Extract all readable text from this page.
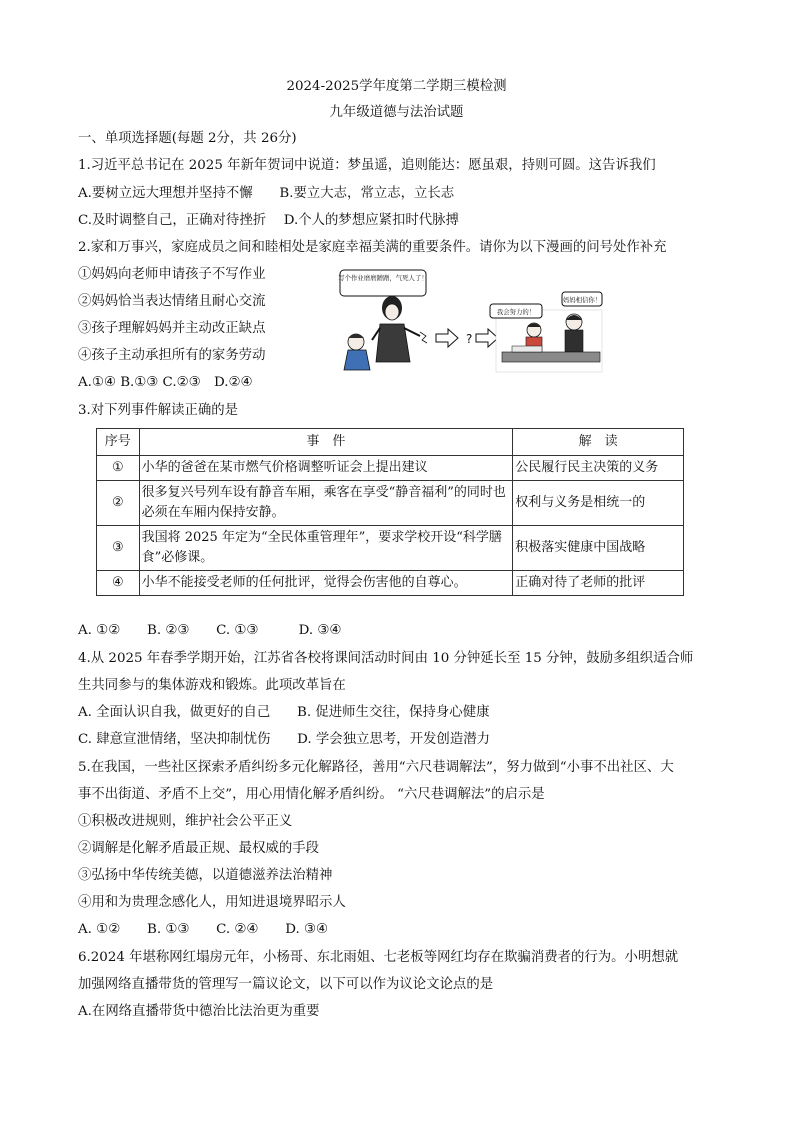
2024-2025学年度第二学期三模检测
九年级道德与法治试题
一、单项选择题(每题 2分，共 26分)
1.习近平总书记在 2025 年新年贺词中说道：梦虽遥，追则能达：愿虽艰，持则可圆。这告诉我们
A.要树立远大理想并坚持不懈　　B.要立大志，常立志，立长志
C.及时调整自己，正确对待挫折　 D.个人的梦想应紧扣时代脉搏
2.家和万事兴，家庭成员之间和睦相处是家庭幸福美满的重要条件。请你为以下漫画的问号处作补充
①妈妈向老师申请孩子不写作业
②妈妈恰当表达情绪且耐心交流
③孩子理解妈妈并主动改正缺点
④孩子主动承担所有的家务劳动
A.①④ B.①③ C.②③　D.②④
写个作业磨磨蹭蹭，气死人了！
?
我会努力的！
妈妈相信你！
3.对下列事件解读正确的是
序号	事　件	解　读
①	小华的爸爸在某市燃气价格调整听证会上提出建议	公民履行民主决策的义务
②	很多复兴号列车设有静音车厢，乘客在享受“静音福利”的同时也必须在车厢内保持安静。	权利与义务是相统一的
③	我国将 2025 年定为“全民体重管理年”，要求学校开设“科学膳食”必修课。	积极落实健康中国战略
④	小华不能接受老师的任何批评，觉得会伤害他的自尊心。	正确对待了老师的批评
A. ①②　　B. ②③　　C. ①③　　　D. ③④
4.从 2025 年春季学期开始，江苏省各校将课间活动时间由 10 分钟延长至 15 分钟，鼓励多组织适合师
生共同参与的集体游戏和锻炼。此项改革旨在
A. 全面认识自我，做更好的自己　　B. 促进师生交往，保持身心健康
C. 肆意宣泄情绪，坚决抑制忧伤　　D. 学会独立思考，开发创造潜力
5.在我国，一些社区探索矛盾纠纷多元化解路径，善用“六尺巷调解法”，努力做到“小事不出社区、大
事不出街道、矛盾不上交”，用心用情化解矛盾纠纷。 “六尺巷调解法”的启示是
①积极改进规则，维护社会公平正义
②调解是化解矛盾最正规、最权威的手段
③弘扬中华传统美德，以道德滋养法治精神
④用和为贵理念感化人，用知进退境界昭示人
A. ①②　　B. ①③　　C. ②④　　D. ③④
6.2024 年堪称网红塌房元年，小杨哥、东北雨姐、七老板等网红均存在欺骗消费者的行为。小明想就
加强网络直播带货的管理写一篇议论文，以下可以作为议论文论点的是
A.在网络直播带货中德治比法治更为重要
